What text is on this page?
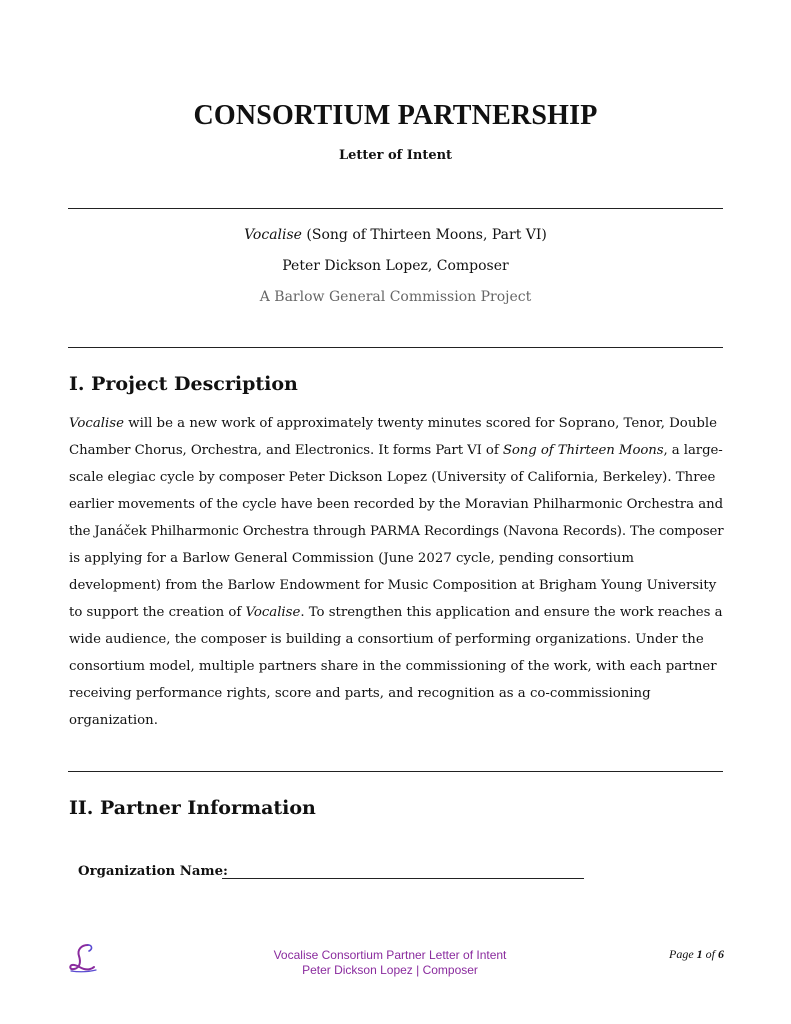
CONSORTIUM PARTNERSHIP
Letter of Intent
Vocalise (Song of Thirteen Moons, Part VI)
Peter Dickson Lopez, Composer
A Barlow General Commission Project
I. Project Description
Vocalise will be a new work of approximately twenty minutes scored for Soprano, Tenor, Double
Chamber Chorus, Orchestra, and Electronics. It forms Part VI of Song of Thirteen Moons, a large-
scale elegiac cycle by composer Peter Dickson Lopez (University of California, Berkeley). Three
earlier movements of the cycle have been recorded by the Moravian Philharmonic Orchestra and
the Janáček Philharmonic Orchestra through PARMA Recordings (Navona Records). The composer
is applying for a Barlow General Commission (June 2027 cycle, pending consortium
development) from the Barlow Endowment for Music Composition at Brigham Young University
to support the creation of Vocalise. To strengthen this application and ensure the work reaches a
wide audience, the composer is building a consortium of performing organizations. Under the
consortium model, multiple partners share in the commissioning of the work, with each partner
receiving performance rights, score and parts, and recognition as a co-commissioning
organization.
II. Partner Information
Organization Name:
Vocalise Consortium Partner Letter of Intent
Peter Dickson Lopez | Composer
Page 1 of 6
